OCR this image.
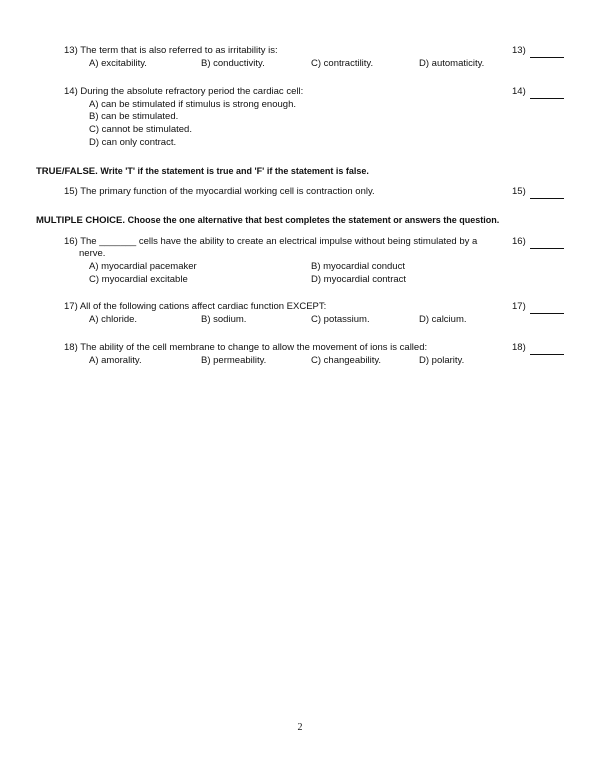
13) The term that is also referred to as irritability is:	13)
A) excitability.	B) conductivity.	C) contractility.	D) automaticity.
14) During the absolute refractory period the cardiac cell:	14)
A) can be stimulated if stimulus is strong enough.
B) can be stimulated.
C) cannot be stimulated.
D) can only contract.
TRUE/FALSE. Write 'T' if the statement is true and 'F' if the statement is false.
15) The primary function of the myocardial working cell is contraction only.	15)
MULTIPLE CHOICE. Choose the one alternative that best completes the statement or answers the question.
16) The _______ cells have the ability to create an electrical impulse without being stimulated by a
nerve.
16)
A) myocardial pacemaker	B) myocardial conduct
C) myocardial excitable	D) myocardial contract
17) All of the following cations affect cardiac function EXCEPT:	17)
A) chloride.	B) sodium.	C) potassium.	D) calcium.
18) The ability of the cell membrane to change to allow the movement of ions is called:	18)
A) amorality.	B) permeability.	C) changeability.	D) polarity.
2
